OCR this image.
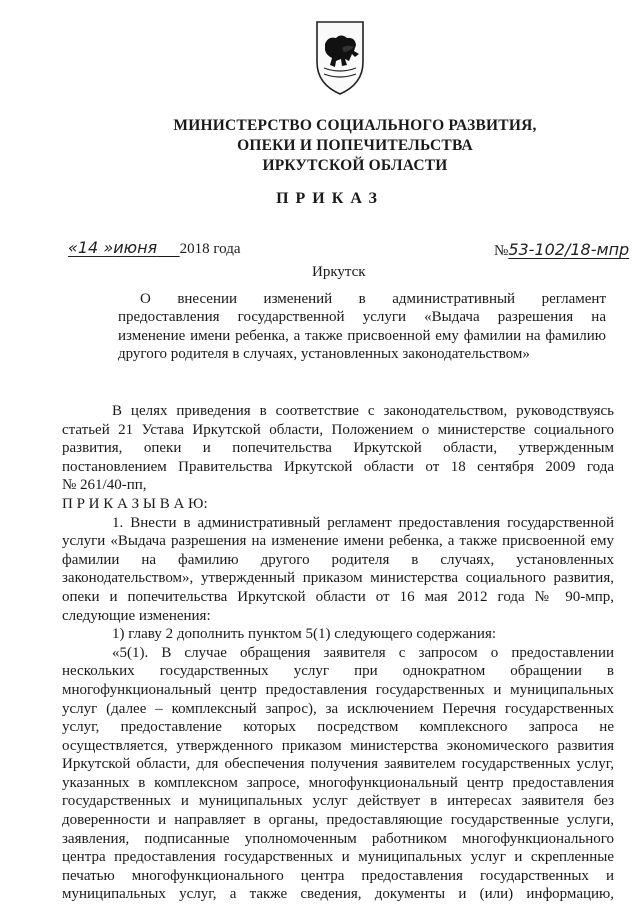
МИНИСТЕРСТВО СОЦИАЛЬНОГО РАЗВИТИЯ,
ОПЕКИ И ПОПЕЧИТЕЛЬСТВА
ИРКУТСКОЙ ОБЛАСТИ
ПРИКАЗ
«14 »июня 2018 года	№53-102/18-мпр
Иркутск
О внесении изменений в административный регламент
предоставления государственной услуги «Выдача разрешения на
изменение имени ребенка, а также присвоенной ему фамилии на фамилию
другого родителя в случаях, установленных законодательством»
В целях приведения в соответствие с законодательством, руководствуясь
статьей 21 Устава Иркутской области, Положением о министерстве социального
развития, опеки и попечительства Иркутской области, утвержденным
постановлением Правительства Иркутской области от 18 сентября 2009 года
№ 261/40-пп,
П Р И К А З Ы В А Ю:
1. Внести в административный регламент предоставления государственной
услуги «Выдача разрешения на изменение имени ребенка, а также присвоенной ему
фамилии на фамилию другого родителя в случаях, установленных
законодательством», утвержденный приказом министерства социального развития,
опеки и попечительства Иркутской области от 16 мая 2012 года № 90-мпр,
следующие изменения:
1) главу 2 дополнить пунктом 5(1) следующего содержания:
«5(1). В случае обращения заявителя с запросом о предоставлении
нескольких государственных услуг при однократном обращении в
многофункциональный центр предоставления государственных и муниципальных
услуг (далее – комплексный запрос), за исключением Перечня государственных
услуг, предоставление которых посредством комплексного запроса не
осуществляется, утвержденного приказом министерства экономического развития
Иркутской области, для обеспечения получения заявителем государственных услуг,
указанных в комплексном запросе, многофункциональный центр предоставления
государственных и муниципальных услуг действует в интересах заявителя без
доверенности и направляет в органы, предоставляющие государственные услуги,
заявления, подписанные уполномоченным работником многофункционального
центра предоставления государственных и муниципальных услуг и скрепленные
печатью многофункционального центра предоставления государственных и
муниципальных услуг, а также сведения, документы и (или) информацию,
